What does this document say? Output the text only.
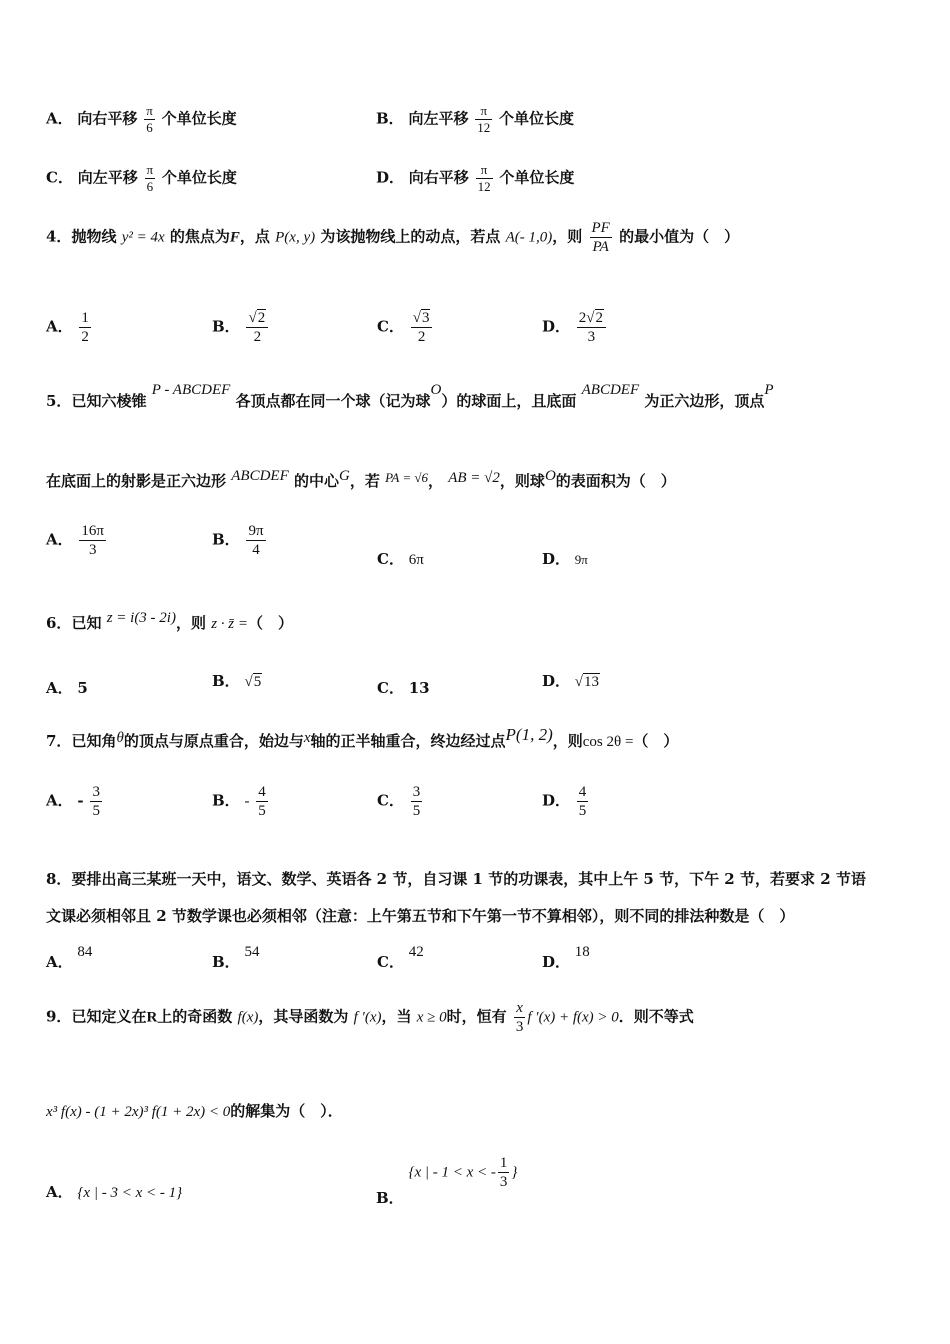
A． 向右平移 $\frac{\pi}{6}$ 个单位长度	B． 向左平移 $\frac{\pi}{12}$ 个单位长度
C． 向左平移 $\frac{\pi}{6}$ 个单位长度	D． 向右平移 $\frac{\pi}{12}$ 个单位长度
4．抛物线 y² = 4x 的焦点为F，点 P(x, y) 为该抛物线上的动点，若点 A(- 1,0)，则 $\frac{PF}{PA}$ 的最小值为（　）
A． $\frac{1}{2}$	B． $\frac{√2}{2}$	C． $\frac{√3}{2}$	D． $\frac{2√2}{3}$
5．已知六棱锥 P - ABCDEF 各顶点都在同一个球（记为球O）的球面上，且底面 ABCDEF 为正六边形，顶点P
在底面上的射影是正六边形 ABCDEF 的中心G，若 PA = √6， AB = √2，则球O的表面积为（　）
A． $\frac{16\pi}{3}$	B． $\frac{9\pi}{4}$
C． 6π	D． 9π
6．已知 z = i(3 - 2i)，则 z · z̄ =（　）
A． 5	B． √5	C． 13	D． √13
7．已知角θ的顶点与原点重合，始边与x轴的正半轴重合，终边经过点P(1, 2)，则cos 2θ =（　）
A． - $\frac{3}{5}$	B． - $\frac{4}{5}$	C． $\frac{3}{5}$	D． $\frac{4}{5}$
8．要排出高三某班一天中，语文、数学、英语各 2 节，自习课 1 节的功课表，其中上午 5 节，下午 2 节，若要求 2 节语
文课必须相邻且 2 节数学课也必须相邻（注意：上午第五节和下午第一节不算相邻），则不同的排法种数是（　）
A． 84
B． 54
C． 42
D． 18
9．已知定义在R上的奇函数 f(x)，其导函数为 f ′(x)，当 x ≥ 0时，恒有 $\frac{x}{3}$ f ′(x) + f(x) > 0．则不等式
x³ f(x) - (1 + 2x)³ f(1 + 2x) < 0的解集为（　）．
A． {x | - 3 < x < - 1}	B． {x | - 1 < x < - $\frac{1}{3}$ }
